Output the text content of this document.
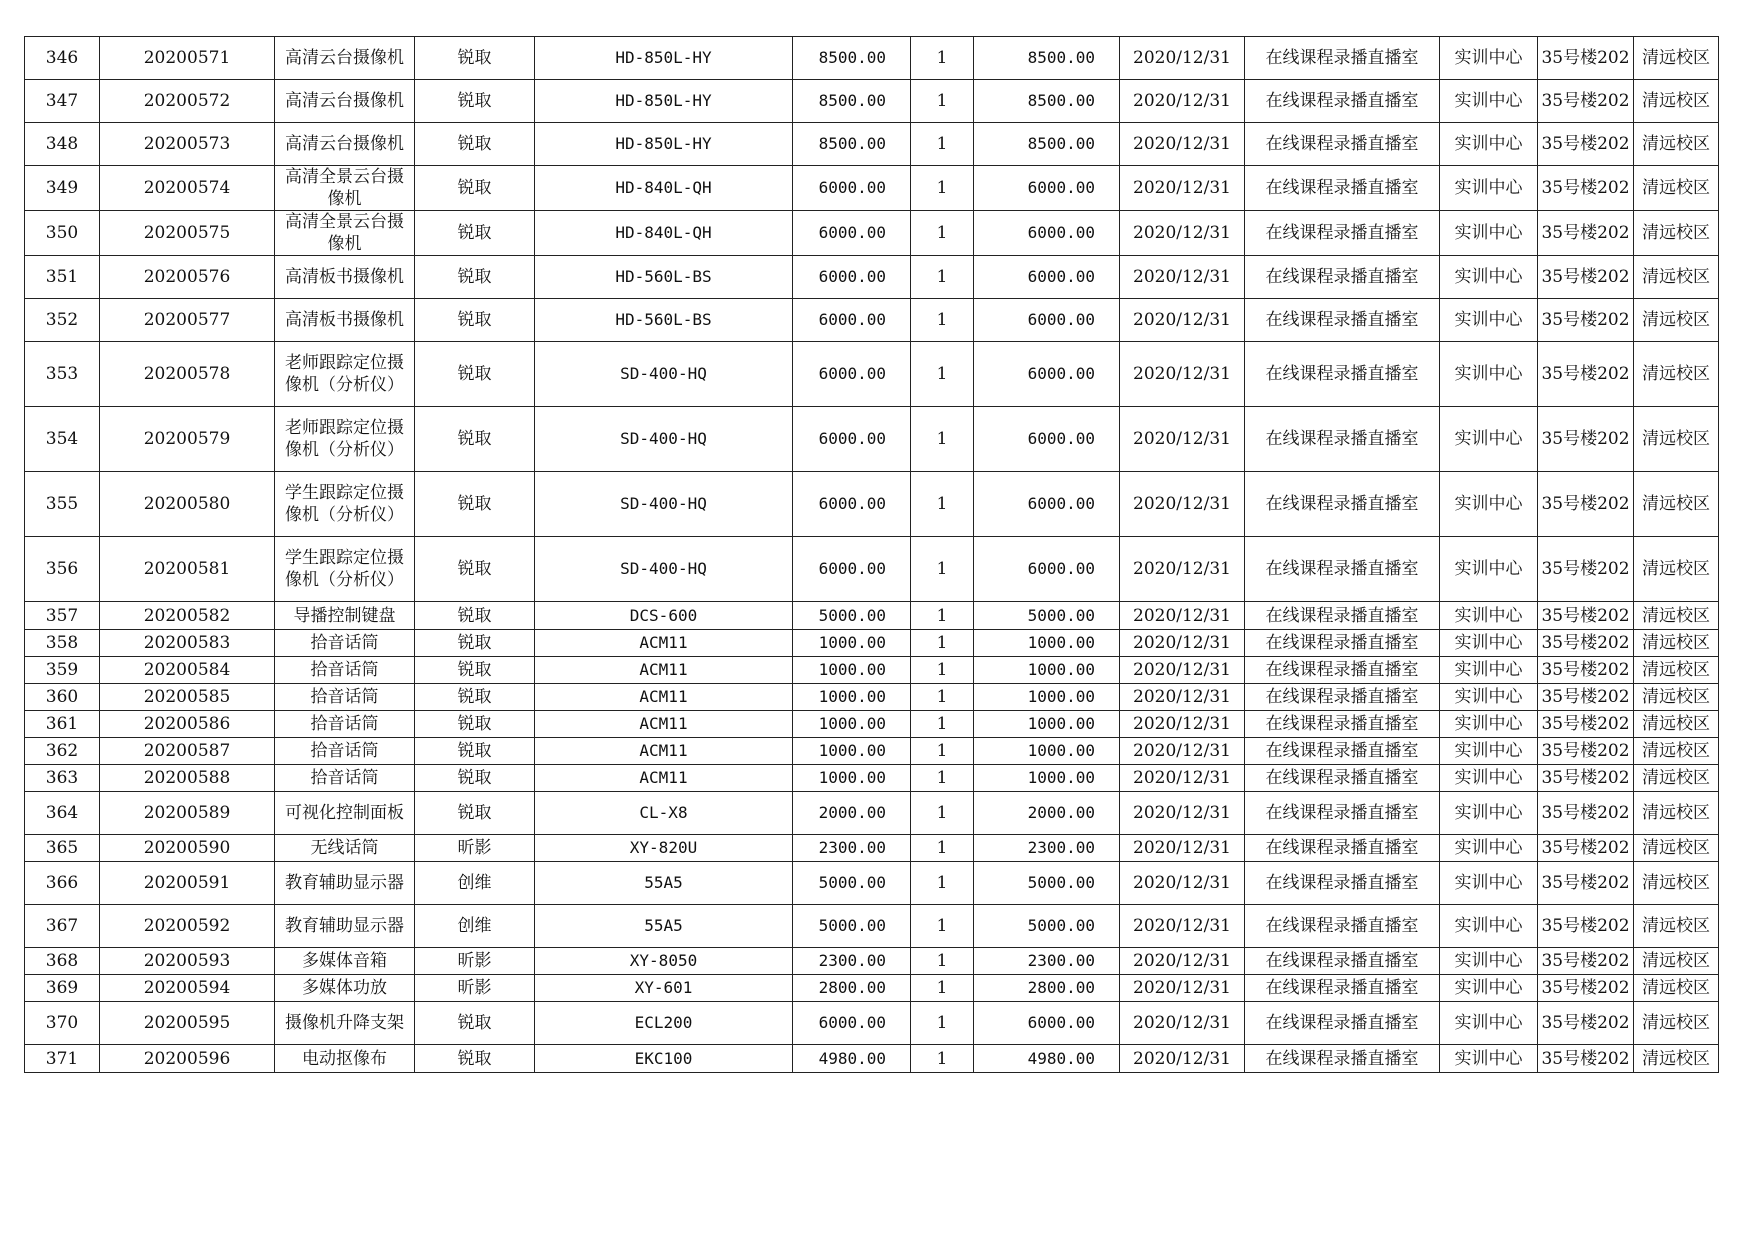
346	20200571	高清云台摄像机	锐取	HD-850L-HY	8500.00	1	8500.00	2020/12/31	在线课程录播直播室	实训中心	35号楼202	清远校区
347	20200572	高清云台摄像机	锐取	HD-850L-HY	8500.00	1	8500.00	2020/12/31	在线课程录播直播室	实训中心	35号楼202	清远校区
348	20200573	高清云台摄像机	锐取	HD-850L-HY	8500.00	1	8500.00	2020/12/31	在线课程录播直播室	实训中心	35号楼202	清远校区
349	20200574	高清全景云台摄像机	锐取	HD-840L-QH	6000.00	1	6000.00	2020/12/31	在线课程录播直播室	实训中心	35号楼202	清远校区
350	20200575	高清全景云台摄像机	锐取	HD-840L-QH	6000.00	1	6000.00	2020/12/31	在线课程录播直播室	实训中心	35号楼202	清远校区
351	20200576	高清板书摄像机	锐取	HD-560L-BS	6000.00	1	6000.00	2020/12/31	在线课程录播直播室	实训中心	35号楼202	清远校区
352	20200577	高清板书摄像机	锐取	HD-560L-BS	6000.00	1	6000.00	2020/12/31	在线课程录播直播室	实训中心	35号楼202	清远校区
353	20200578	老师跟踪定位摄像机（分析仪）	锐取	SD-400-HQ	6000.00	1	6000.00	2020/12/31	在线课程录播直播室	实训中心	35号楼202	清远校区
354	20200579	老师跟踪定位摄像机（分析仪）	锐取	SD-400-HQ	6000.00	1	6000.00	2020/12/31	在线课程录播直播室	实训中心	35号楼202	清远校区
355	20200580	学生跟踪定位摄像机（分析仪）	锐取	SD-400-HQ	6000.00	1	6000.00	2020/12/31	在线课程录播直播室	实训中心	35号楼202	清远校区
356	20200581	学生跟踪定位摄像机（分析仪）	锐取	SD-400-HQ	6000.00	1	6000.00	2020/12/31	在线课程录播直播室	实训中心	35号楼202	清远校区
357	20200582	导播控制键盘	锐取	DCS-600	5000.00	1	5000.00	2020/12/31	在线课程录播直播室	实训中心	35号楼202	清远校区
358	20200583	拾音话筒	锐取	ACM11	1000.00	1	1000.00	2020/12/31	在线课程录播直播室	实训中心	35号楼202	清远校区
359	20200584	拾音话筒	锐取	ACM11	1000.00	1	1000.00	2020/12/31	在线课程录播直播室	实训中心	35号楼202	清远校区
360	20200585	拾音话筒	锐取	ACM11	1000.00	1	1000.00	2020/12/31	在线课程录播直播室	实训中心	35号楼202	清远校区
361	20200586	拾音话筒	锐取	ACM11	1000.00	1	1000.00	2020/12/31	在线课程录播直播室	实训中心	35号楼202	清远校区
362	20200587	拾音话筒	锐取	ACM11	1000.00	1	1000.00	2020/12/31	在线课程录播直播室	实训中心	35号楼202	清远校区
363	20200588	拾音话筒	锐取	ACM11	1000.00	1	1000.00	2020/12/31	在线课程录播直播室	实训中心	35号楼202	清远校区
364	20200589	可视化控制面板	锐取	CL-X8	2000.00	1	2000.00	2020/12/31	在线课程录播直播室	实训中心	35号楼202	清远校区
365	20200590	无线话筒	昕影	XY-820U	2300.00	1	2300.00	2020/12/31	在线课程录播直播室	实训中心	35号楼202	清远校区
366	20200591	教育辅助显示器	创维	55A5	5000.00	1	5000.00	2020/12/31	在线课程录播直播室	实训中心	35号楼202	清远校区
367	20200592	教育辅助显示器	创维	55A5	5000.00	1	5000.00	2020/12/31	在线课程录播直播室	实训中心	35号楼202	清远校区
368	20200593	多媒体音箱	昕影	XY-8050	2300.00	1	2300.00	2020/12/31	在线课程录播直播室	实训中心	35号楼202	清远校区
369	20200594	多媒体功放	昕影	XY-601	2800.00	1	2800.00	2020/12/31	在线课程录播直播室	实训中心	35号楼202	清远校区
370	20200595	摄像机升降支架	锐取	ECL200	6000.00	1	6000.00	2020/12/31	在线课程录播直播室	实训中心	35号楼202	清远校区
371	20200596	电动抠像布	锐取	EKC100	4980.00	1	4980.00	2020/12/31	在线课程录播直播室	实训中心	35号楼202	清远校区
